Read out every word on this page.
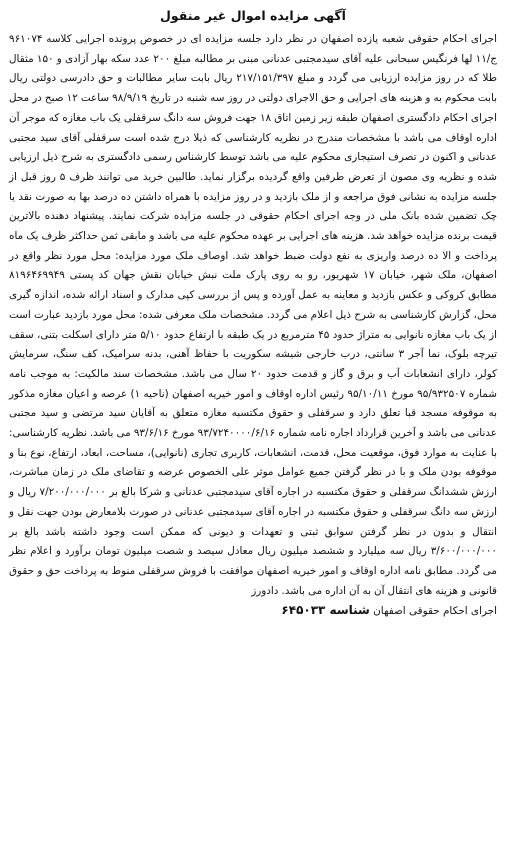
آگهی مزایده اموال غیر منقول

اجرای احکام حقوقی شعبه یازده اصفهان در نظر دارد جلسه مزایده ای در خصوص پرونده اجرایی کلاسه ۹۶۱۰۷۴ ج/۱۱ لها فرنگیس سبحانی علیه آقای سیدمجتبی عدنانی مبنی بر مطالبه مبلغ ۲۰۰ عدد سکه بهار آزادی و ۱۵۰ مثقال طلا که در روز مزایده ارزیابی می گردد و مبلغ ۲۱۷/۱۵۱/۳۹۷ ریال بابت سایر مطالبات و حق دادرسی دولتی ریال بابت محکوم به و هزینه های اجرایی و حق الاجرای دولتی در روز سه شنبه در تاریخ ۹۸/۹/۱۹ ساعت ۱۲ صبح در محل اجرای احکام دادگستری اصفهان طبقه زیر زمین اتاق ۱۸ جهت فروش سه دانگ سرقفلی یک باب مغازه که موجر آن اداره اوقاف می باشد با مشخصات مندرج در نظریه کارشناسی که ذیلا درج شده است سرقفلی آقای سید مجتبی عدنانی و اکنون در تصرف استیجاری محکوم علیه می باشد توسط کارشناس رسمی دادگستری به شرح ذیل ارزیابی شده و نظریه وی مصون از تعرض طرفین واقع گردیده برگزار نماید. طالبین خرید می توانند ظرف ۵ روز قبل از جلسه مزایده به نشانی فوق مراجعه و از ملک بازدید و در روز مزایده با همراه داشتن ده درصد بها به صورت نقد یا چک تضمین شده بانک ملی در وجه اجرای احکام حقوقی در جلسه مزایده شرکت نمایند. پیشنهاد دهنده بالاترین قیمت برنده مزایده خواهد شد. هزینه های اجرایی بر عهده محکوم علیه می باشد و مابقی ثمن حداکثر ظرف یک ماه پرداخت و الا ده درصد واریزی به نفع دولت ضبط خواهد شد. اوصاف ملک مورد مزایده: محل مورد نظر واقع در اصفهان، ملک شهر، خیابان ۱۷ شهریور، رو به روی پارک ملت نبش خیابان نقش جهان کد پستی ۸۱۹۶۴۶۹۹۴۹ مطابق کروکی و عکس بازدید و معاینه به عمل آورده و پس از بررسی کپی مدارک و اسناد ارائه شده، اندازه گیری محل، گزارش کارشناسی به شرح ذیل اعلام می گردد. مشخصات ملک معرفی شده: محل مورد بازدید عبارت است از یک باب مغازه نانوایی به متراژ حدود ۴۵ مترمربع در یک طبقه با ارتفاع حدود ۵/۱۰ متر دارای اسکلت بتنی، سقف تیرچه بلوک، نما آجر ۳ سانتی، درب خارجی شیشه سکوریت با حفاظ آهنی، بدنه سرامیک، کف سنگ، سرمایش کولر، دارای انشعابات آب و برق و گاز و قدمت حدود ۲۰ سال می باشد. مشخصات سند مالکیت: به موجب نامه شماره ۹۵/۹۳۲۵۰۷ مورخ ۹۵/۱۰/۱۱ رئیس اداره اوقاف و امور خیریه اصفهان (ناحیه ۱) عرصه و اعیان مغازه مذکور به موقوفه مسجد قبا تعلق دارد و سرقفلی و حقوق مکتسبه مغازه متعلق به آقایان سید مرتضی و سید مجتبی عدنانی می باشد و آخرین قرارداد اجاره نامه شماره ۹۳/۷۲۴۰۰۰۰/۶/۱۶ مورخ ۹۳/۶/۱۶ می باشد. نظریه کارشناسی: با عنایت به موارد فوق، موقعیت محل، قدمت، انشعابات، کاربری تجاری (نانوایی)، مساحت، ابعاد، ارتفاع، نوع بنا و موقوفه بودن ملک و با در نظر گرفتن جمیع عوامل موثر علی الخصوص عرضه و تقاضای ملک در زمان مباشرت، ارزش ششدانگ سرقفلی و حقوق مکتسبه در اجاره آقای سیدمجتبی عدنانی و شرکا بالغ بر ۷/۲۰۰/۰۰۰/۰۰۰ ریال و ارزش سه دانگ سرقفلی و حقوق مکتسبه در اجاره آقای سیدمجتبی عدنانی در صورت بلامعارض بودن جهت نقل و انتقال و بدون در نظر گرفتن سوابق ثبتی و تعهدات و دیونی که ممکن است وجود داشته باشد بالغ بر ۳/۶۰۰/۰۰۰/۰۰۰ ریال سه میلیارد و ششصد میلیون ریال معادل سیصد و شصت میلیون تومان برآورد و اعلام نظر می گردد. مطابق نامه اداره اوقاف و امور خیریه اصفهان موافقت با فروش سرقفلی منوط به پرداخت حق و حقوق قانونی و هزینه های انتقال آن به آن اداره می باشد. دادورز

اجرای احکام حقوقی اصفهان شناسه ۶۴۵۰۳۳
